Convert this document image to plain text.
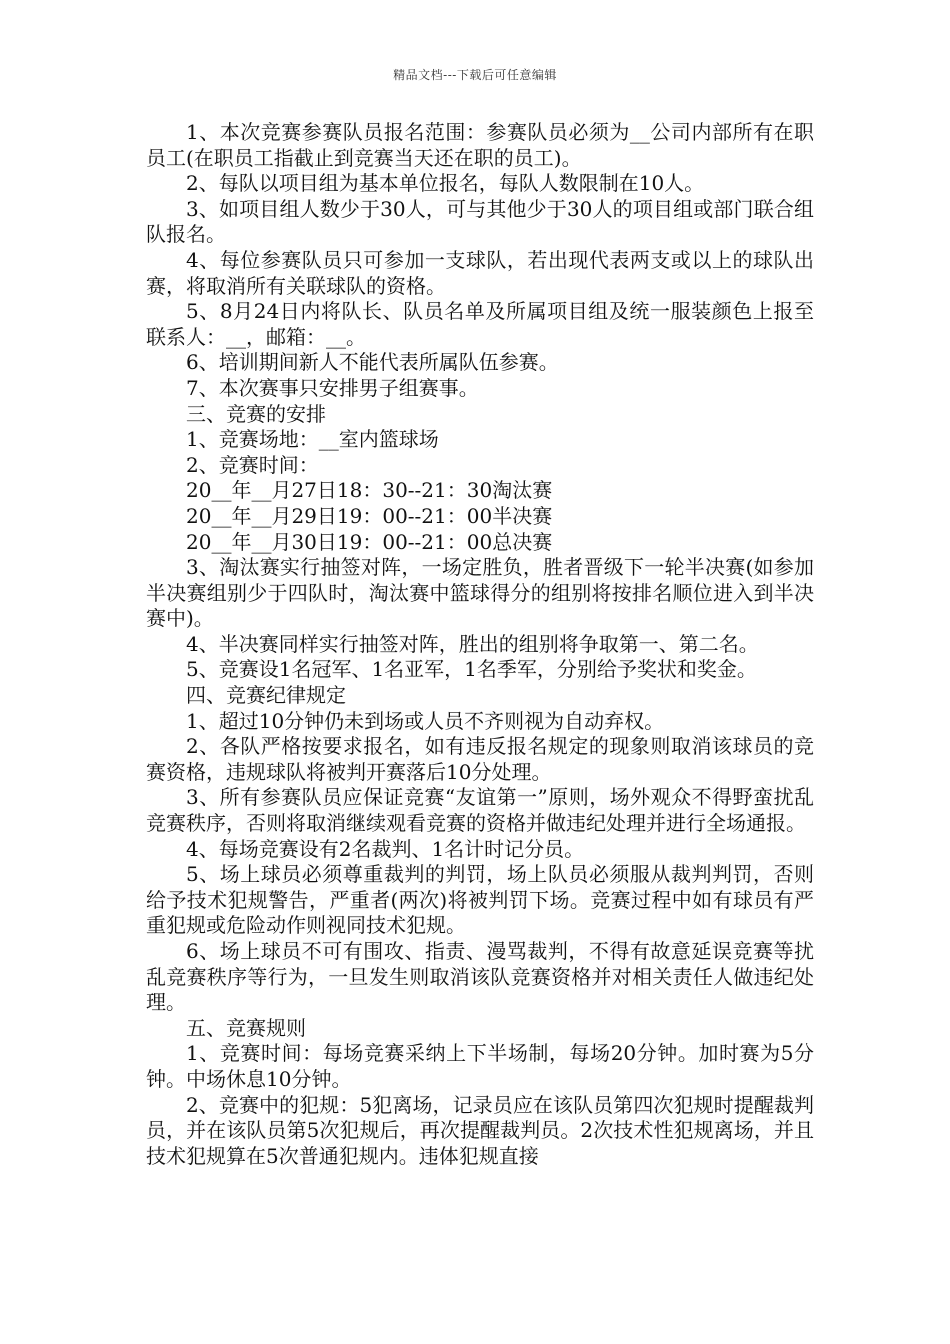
精品文档---下载后可任意编辑

1、本次竞赛参赛队员报名范围：参赛队员必须为__公司内部所有在职员工(在职员工指截止到竞赛当天还在职的员工)。

2、每队以项目组为基本单位报名，每队人数限制在10人。

3、如项目组人数少于30人，可与其他少于30人的项目组或部门联合组队报名。

4、每位参赛队员只可参加一支球队，若出现代表两支或以上的球队出赛，将取消所有关联球队的资格。

5、8月24日内将队长、队员名单及所属项目组及统一服装颜色上报至联系人：__，邮箱：__。

6、培训期间新人不能代表所属队伍参赛。

7、本次赛事只安排男子组赛事。

三、竞赛的安排

1、竞赛场地：__室内篮球场

2、竞赛时间：

20__年__月27日18：30--21：30淘汰赛

20__年__月29日19：00--21：00半决赛

20__年__月30日19：00--21：00总决赛

3、淘汰赛实行抽签对阵，一场定胜负，胜者晋级下一轮半决赛(如参加半决赛组别少于四队时，淘汰赛中篮球得分的组别将按排名顺位进入到半决赛中)。

4、半决赛同样实行抽签对阵，胜出的组别将争取第一、第二名。

5、竞赛设1名冠军、1名亚军，1名季军，分别给予奖状和奖金。

四、竞赛纪律规定

1、超过10分钟仍未到场或人员不齐则视为自动弃权。

2、各队严格按要求报名，如有违反报名规定的现象则取消该球员的竞赛资格，违规球队将被判开赛落后10分处理。

3、所有参赛队员应保证竞赛“友谊第一”原则，场外观众不得野蛮扰乱竞赛秩序，否则将取消继续观看竞赛的资格并做违纪处理并进行全场通报。

4、每场竞赛设有2名裁判、1名计时记分员。

5、场上球员必须尊重裁判的判罚，场上队员必须服从裁判判罚，否则给予技术犯规警告，严重者(两次)将被判罚下场。竞赛过程中如有球员有严重犯规或危险动作则视同技术犯规。

6、场上球员不可有围攻、指责、漫骂裁判，不得有故意延误竞赛等扰乱竞赛秩序等行为，一旦发生则取消该队竞赛资格并对相关责任人做违纪处理。

五、竞赛规则

1、竞赛时间：每场竞赛采纳上下半场制，每场20分钟。加时赛为5分钟。中场休息10分钟。

2、竞赛中的犯规：5犯离场，记录员应在该队员第四次犯规时提醒裁判员，并在该队员第5次犯规后，再次提醒裁判员。2次技术性犯规离场，并且技术犯规算在5次普通犯规内。违体犯规直接
